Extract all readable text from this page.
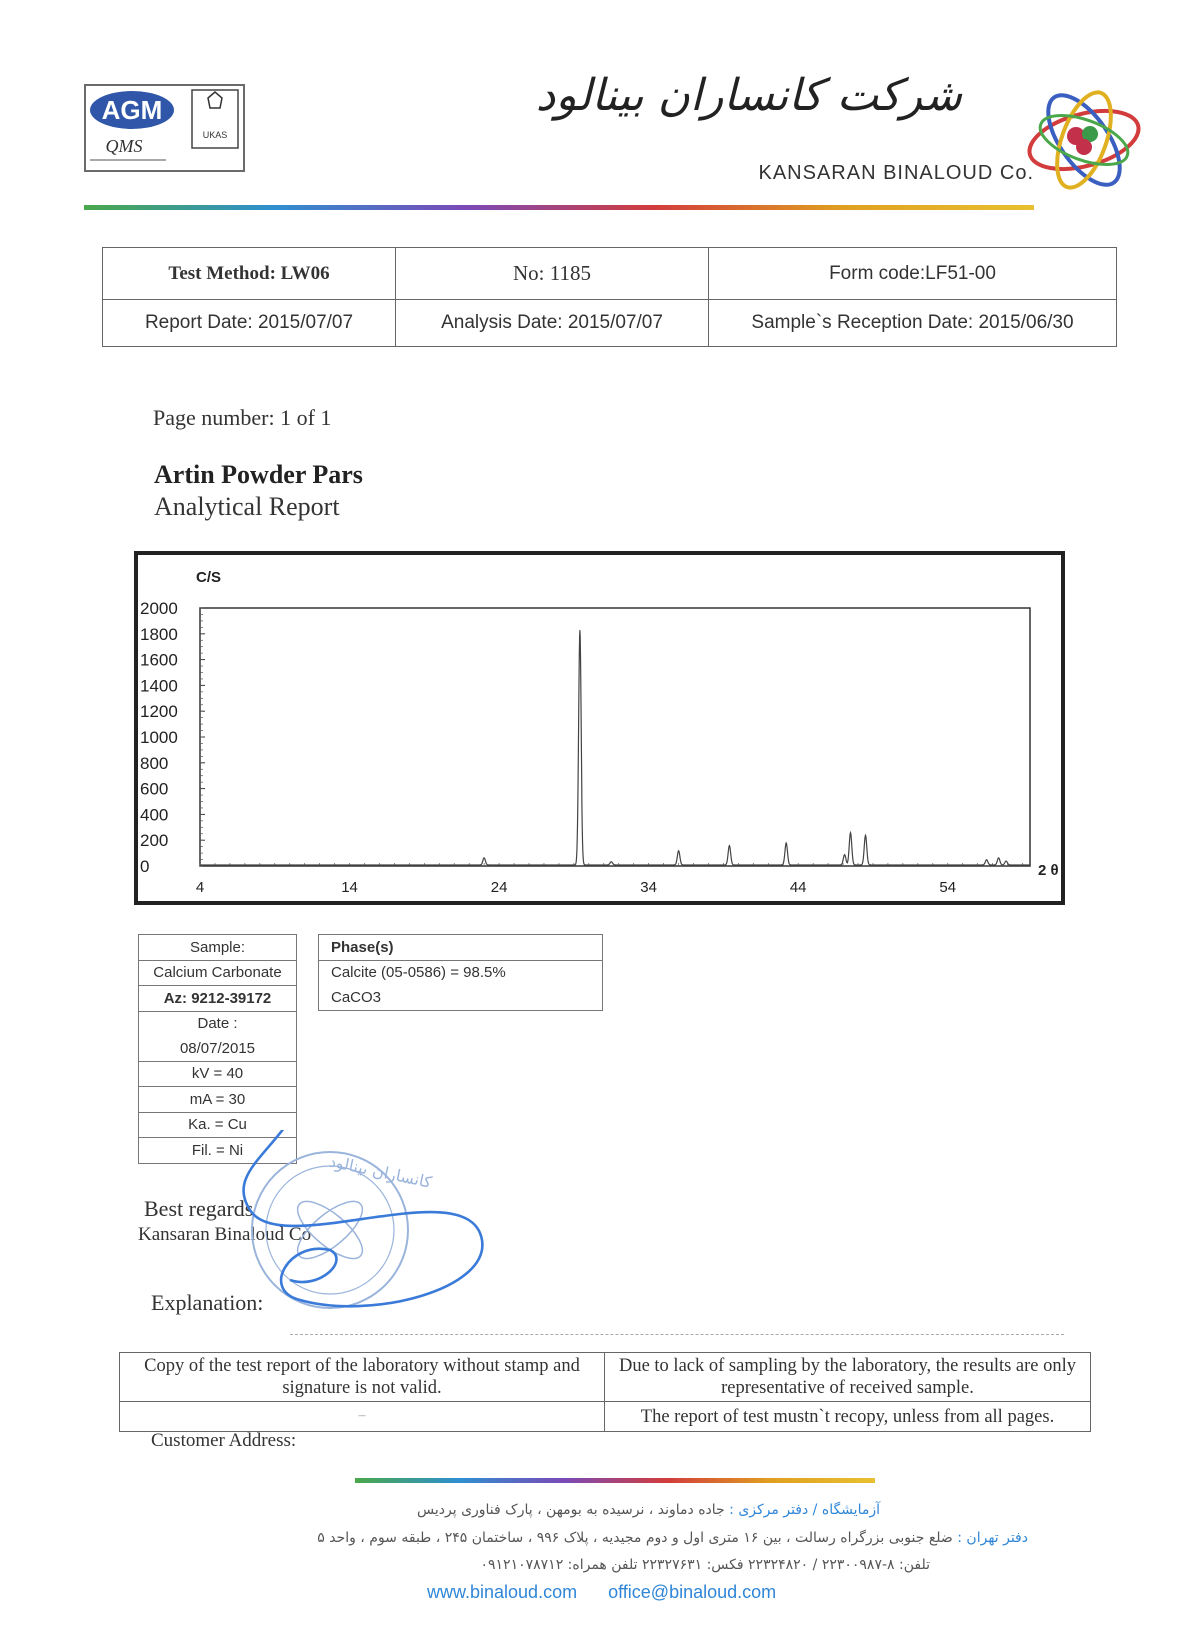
AGM
QMS
UKAS
شرکت کانساران بینالود
KANSARAN BINALOUD Co.
Test Method: LW06	No: 1185	Form code:LF51-00
Report Date: 2015/07/07	Analysis Date: 2015/07/07	Sample`s Reception Date: 2015/06/30
Page number: 1 of 1
Artin Powder Pars
Analytical Report
C/S
2 θ
0
200
400
600
800
1000
1200
1400
1600
1800
2000
4	14	24	34	44	54
Sample:
Calcium Carbonate
Az: 9212-39172
Date :
08/07/2015
kV = 40
mA = 30
Ka. = Cu
Fil. = Ni
Phase(s)
Calcite (05-0586) = 98.5%
CaCO3
Best regards
Kansaran Binaloud Co
کانساران بینالود
Explanation:
Copy of the test report of the laboratory without stamp and signature is not valid.	Due to lack of sampling by the laboratory, the results are only representative of received sample.
–	The report of test mustn`t recopy, unless from all pages.
Customer Address:
آزمایشگاه / دفتر مرکزی : جاده دماوند ، نرسیده به بومهن ، پارک فناوری پردیس
دفتر تهران : ضلع جنوبی بزرگراه رسالت ، بین ۱۶ متری اول و دوم مجیدیه ، پلاک ۹۹۶ ، ساختمان ۲۴۵ ، طبقه سوم ، واحد ۵
تلفن: ۸-۲۲۳۰۰۹۸۷ / ۲۲۳۲۴۸۲۰ فکس: ۲۲۳۲۷۶۳۱ تلفن همراه: ۰۹۱۲۱۰۷۸۷۱۲
www.binaloud.com office@binaloud.com
